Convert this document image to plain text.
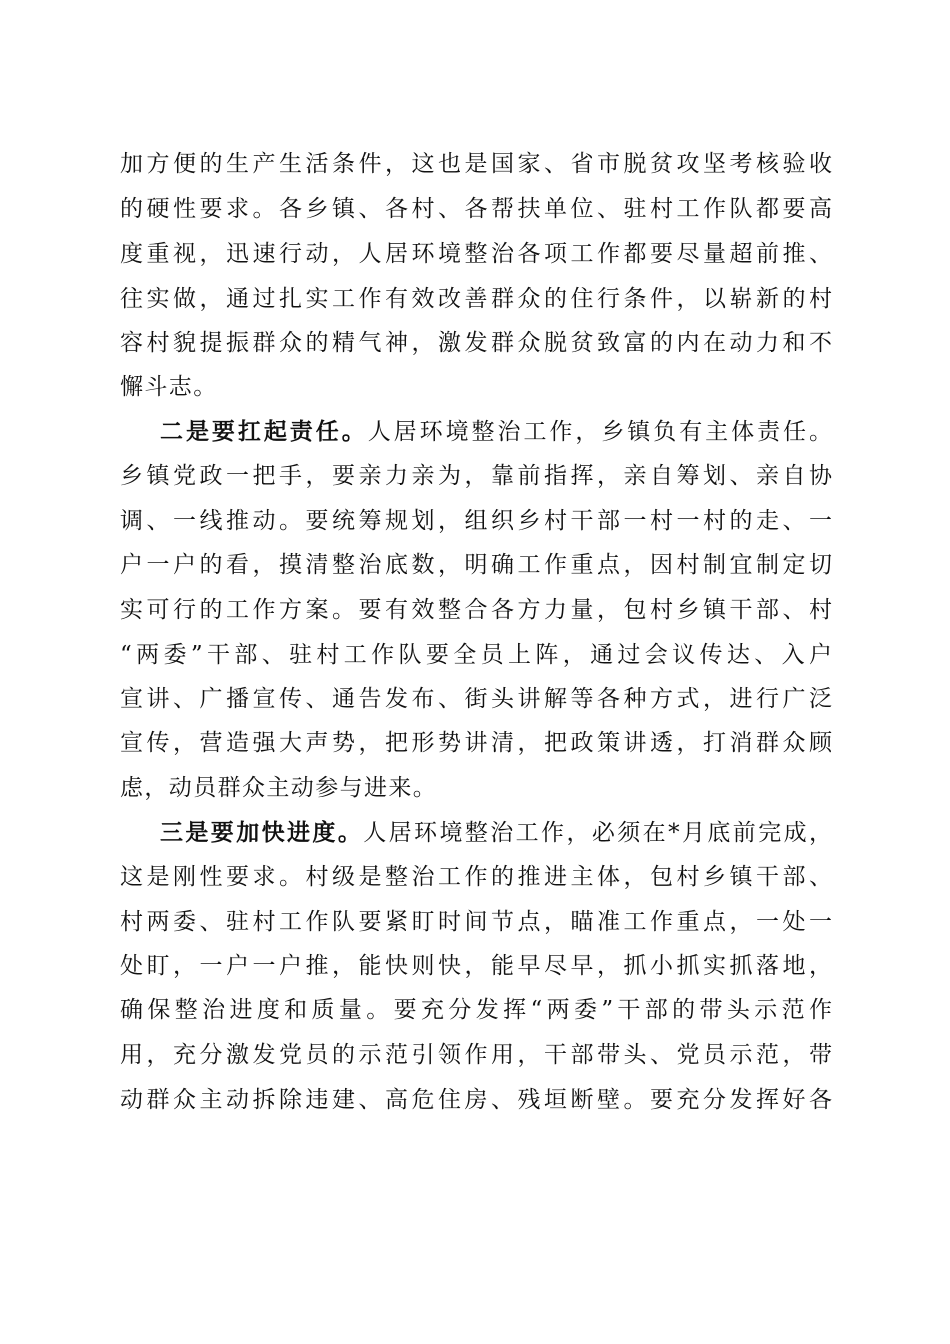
加方便的生产生活条件，这也是国家、省市脱贫攻坚考核验收
的硬性要求。各乡镇、各村、各帮扶单位、驻村工作队都要高
度重视，迅速行动，人居环境整治各项工作都要尽量超前推、
往实做，通过扎实工作有效改善群众的住行条件，以崭新的村
容村貌提振群众的精气神，激发群众脱贫致富的内在动力和不
懈斗志。
二是要扛起责任。人居环境整治工作，乡镇负有主体责任。
乡镇党政一把手，要亲力亲为，靠前指挥，亲自筹划、亲自协
调、一线推动。要统筹规划，组织乡村干部一村一村的走、一
户一户的看，摸清整治底数，明确工作重点，因村制宜制定切
实可行的工作方案。要有效整合各方力量，包村乡镇干部、村
“两委”干部、驻村工作队要全员上阵，通过会议传达、入户
宣讲、广播宣传、通告发布、街头讲解等各种方式，进行广泛
宣传，营造强大声势，把形势讲清，把政策讲透，打消群众顾
虑，动员群众主动参与进来。
三是要加快进度。人居环境整治工作，必须在*月底前完成，
这是刚性要求。村级是整治工作的推进主体，包村乡镇干部、
村两委、驻村工作队要紧盯时间节点，瞄准工作重点，一处一
处盯，一户一户推，能快则快，能早尽早，抓小抓实抓落地，
确保整治进度和质量。要充分发挥“两委”干部的带头示范作
用，充分激发党员的示范引领作用，干部带头、党员示范，带
动群众主动拆除违建、高危住房、残垣断壁。要充分发挥好各
